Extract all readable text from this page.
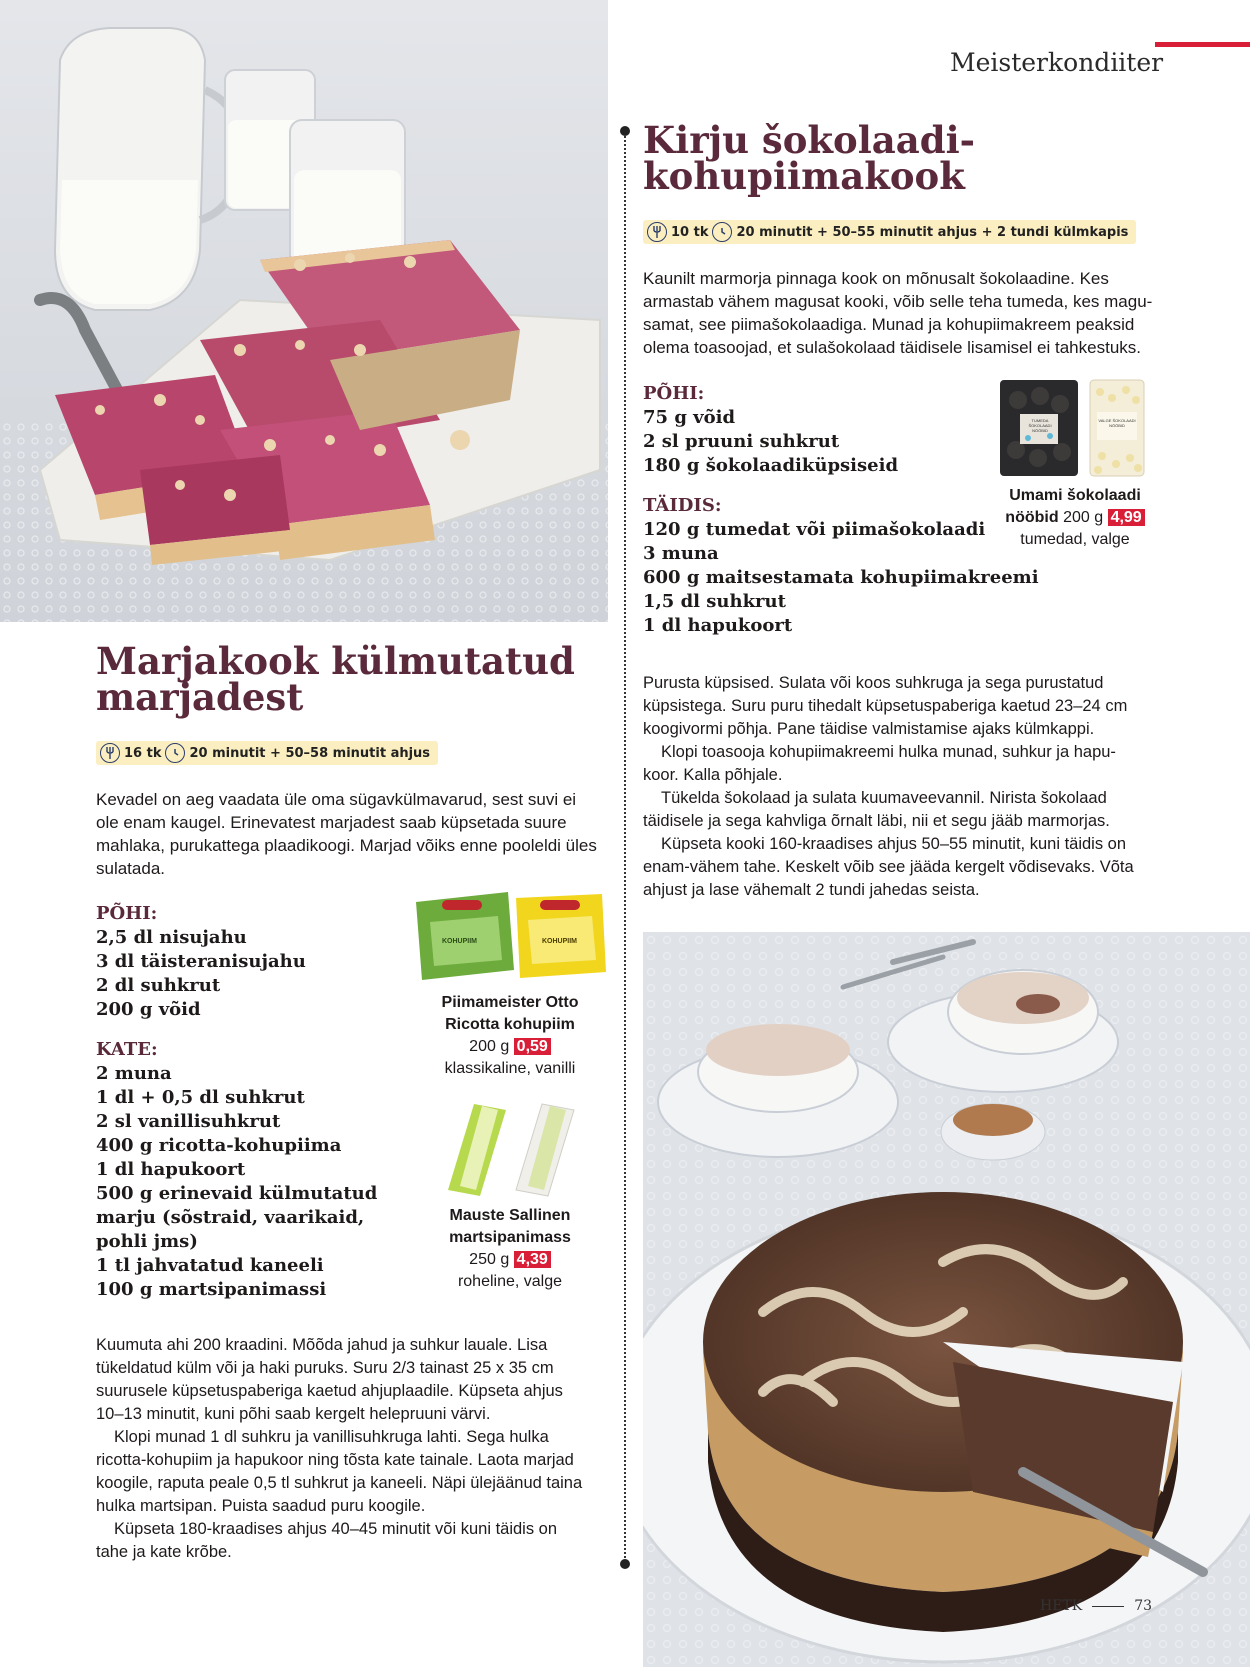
Meisterkondiiter
Kirju šokolaadi-
kohupiimakook
10 tk 20 minutit + 50–55 minutit ahjus + 2 tundi külmkapis
Kaunilt marmorja pinnaga kook on mõnusalt šokolaadine. Kes
armastab vähem magusat kooki, võib selle teha tumeda, kes magu-
samat, see piimašokolaadiga. Munad ja kohupiimakreem peaksid
olema toasoojad, et sulašokolaad täidisele lisamisel ei tahkestuks.
PÕHI:
75 g võid
2 sl pruuni suhkrut
180 g šokolaadiküpsiseid
TÄIDIS:
120 g tumedat või piimašokolaadi
3 muna
600 g maitsestamata kohupiimakreemi
1,5 dl suhkrut
1 dl hapukoort
TUMEDA ŠOKOLAADI NÖÖBID
VALGE ŠOKOLAADI NÖÖBID
Umami šokolaadi
nööbid 200 g 4,99
tumedad, valge

Purusta küpsised. Sulata või koos suhkruga ja sega purustatud
küpsistega. Suru puru tihedalt küpsetuspaberiga kaetud 23–24 cm
koogivormi põhja. Pane täidise valmistamise ajaks külmkappi.

Klopi toasooja kohupiimakreemi hulka munad, suhkur ja hapu-
koor. Kalla põhjale.

Tükelda šokolaad ja sulata kuumaveevannil. Nirista šokolaad
täidisele ja sega kahvliga õrnalt läbi, nii et segu jääb marmorjas.

Küpseta kooki 160-kraadises ahjus 50–55 minutit, kuni täidis on
enam-vähem tahe. Keskelt võib see jääda kergelt võdisevaks. Võta
ahjust ja lase vähemalt 2 tundi jahedas seista.

HETK	73
Marjakook külmutatud
marjadest
16 tk 20 minutit + 50–58 minutit ahjus
Kevadel on aeg vaadata üle oma sügavkülmavarud, sest suvi ei
ole enam kaugel. Erinevatest marjadest saab küpsetada suure
mahlaka, purukattega plaadikoogi. Marjad võiks enne pooleldi üles
sulatada.
PÕHI:
2,5 dl nisujahu
3 dl täisteranisujahu
2 dl suhkrut
200 g võid
KATE:
2 muna
1 dl + 0,5 dl suhkrut
2 sl vanillisuhkrut
400 g ricotta-kohupiima
1 dl hapukoort
500 g erinevaid külmutatud
marju (sõstraid, vaarikaid,
pohli jms)
1 tl jahvatatud kaneeli
100 g martsipanimassi
KOHUPIIM	KOHUPIIM
Piimameister Otto
Ricotta kohupiim
200 g 0,59
klassikaline, vanilli
Mauste Sallinen
martsipanimass
250 g 4,39
roheline, valge

Kuumuta ahi 200 kraadini. Mõõda jahud ja suhkur lauale. Lisa
tükeldatud külm või ja haki puruks. Suru 2/3 tainast 25 x 35 cm
suurusele küpsetuspaberiga kaetud ahjuplaadile. Küpseta ahjus
10–13 minutit, kuni põhi saab kergelt helepruuni värvi.

Klopi munad 1 dl suhkru ja vanillisuhkruga lahti. Sega hulka
ricotta-kohupiim ja hapukoor ning tõsta kate tainale. Laota marjad
koogile, raputa peale 0,5 tl suhkrut ja kaneeli. Näpi ülejäänud taina
hulka martsipan. Puista saadud puru koogile.

Küpseta 180-kraadises ahjus 40–45 minutit või kuni täidis on
tahe ja kate krõbe.
